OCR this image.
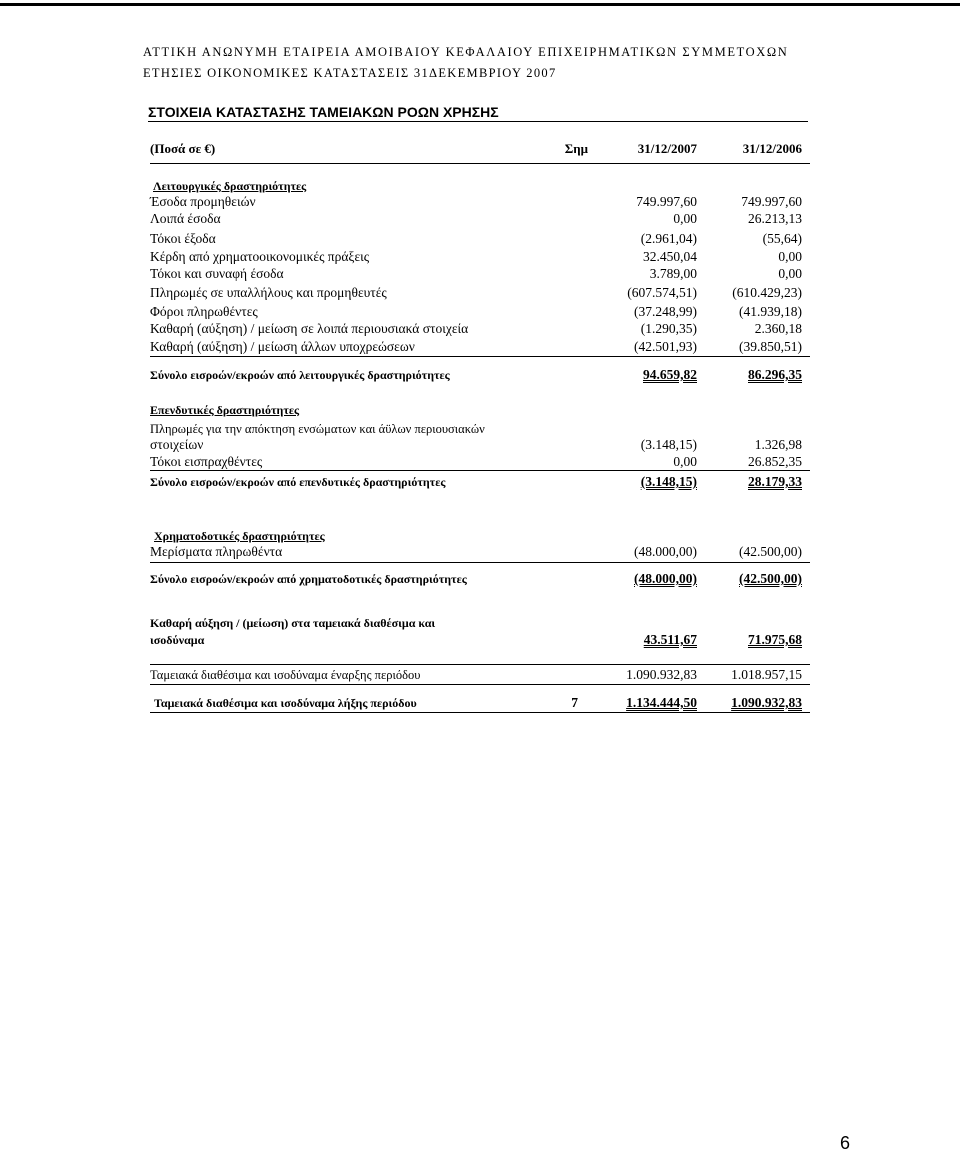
ΑΤΤΙΚΗ ΑΝΩΝΥΜΗ ΕΤΑΙΡΕΙΑ ΑΜΟΙΒΑΙΟΥ ΚΕΦΑΛΑΙΟΥ ΕΠΙΧΕΙΡΗΜΑΤΙΚΩΝ ΣΥΜΜΕΤΟΧΩΝ
ΕΤΗΣΙΕΣ ΟΙΚΟΝΟΜΙΚΕΣ ΚΑΤΑΣΤΑΣΕΙΣ 31ΔΕΚΕΜΒΡΙΟΥ 2007
ΣΤΟΙΧΕΙΑ ΚΑΤΑΣΤΑΣΗΣ ΤΑΜΕΙΑΚΩΝ ΡΟΩΝ ΧΡΗΣΗΣ
(Ποσά σε €)	Σημ	31/12/2007	31/12/2006
Λειτουργικές δραστηριότητες
Έσοδα προμηθειών	749.997,60	749.997,60
Λοιπά έσοδα	0,00	26.213,13
Τόκοι έξοδα	(2.961,04)	(55,64)
Κέρδη από χρηματοοικονομικές πράξεις	32.450,04	0,00
Τόκοι και συναφή έσοδα	3.789,00	0,00
Πληρωμές σε υπαλλήλους και προμηθευτές	(607.574,51)	(610.429,23)
Φόροι πληρωθέντες	(37.248,99)	(41.939,18)
Καθαρή (αύξηση) / μείωση σε λοιπά περιουσιακά στοιχεία	(1.290,35)	2.360,18
Καθαρή (αύξηση) / μείωση άλλων υποχρεώσεων	(42.501,93)	(39.850,51)
Σύνολο εισροών/εκροών από λειτουργικές δραστηριότητες	94.659,82	86.296,35
Επενδυτικές δραστηριότητες
Πληρωμές για την απόκτηση ενσώματων και άϋλων περιουσιακών
στοιχείων	(3.148,15)	1.326,98
Τόκοι εισπραχθέντες	0,00	26.852,35
Σύνολο εισροών/εκροών από επενδυτικές δραστηριότητες	(3.148,15)	28.179,33
Χρηματοδοτικές δραστηριότητες
Μερίσματα πληρωθέντα	(48.000,00)	(42.500,00)
Σύνολο εισροών/εκροών από χρηματοδοτικές δραστηριότητες	(48.000,00)	(42.500,00)
Καθαρή αύξηση / (μείωση) στα ταμειακά διαθέσιμα και
ισοδύναμα	43.511,67	71.975,68
Ταμειακά διαθέσιμα και ισοδύναμα έναρξης περιόδου	1.090.932,83	1.018.957,15
Ταμειακά διαθέσιμα και ισοδύναμα λήξης περιόδου	7	1.134.444,50	1.090.932,83
6
